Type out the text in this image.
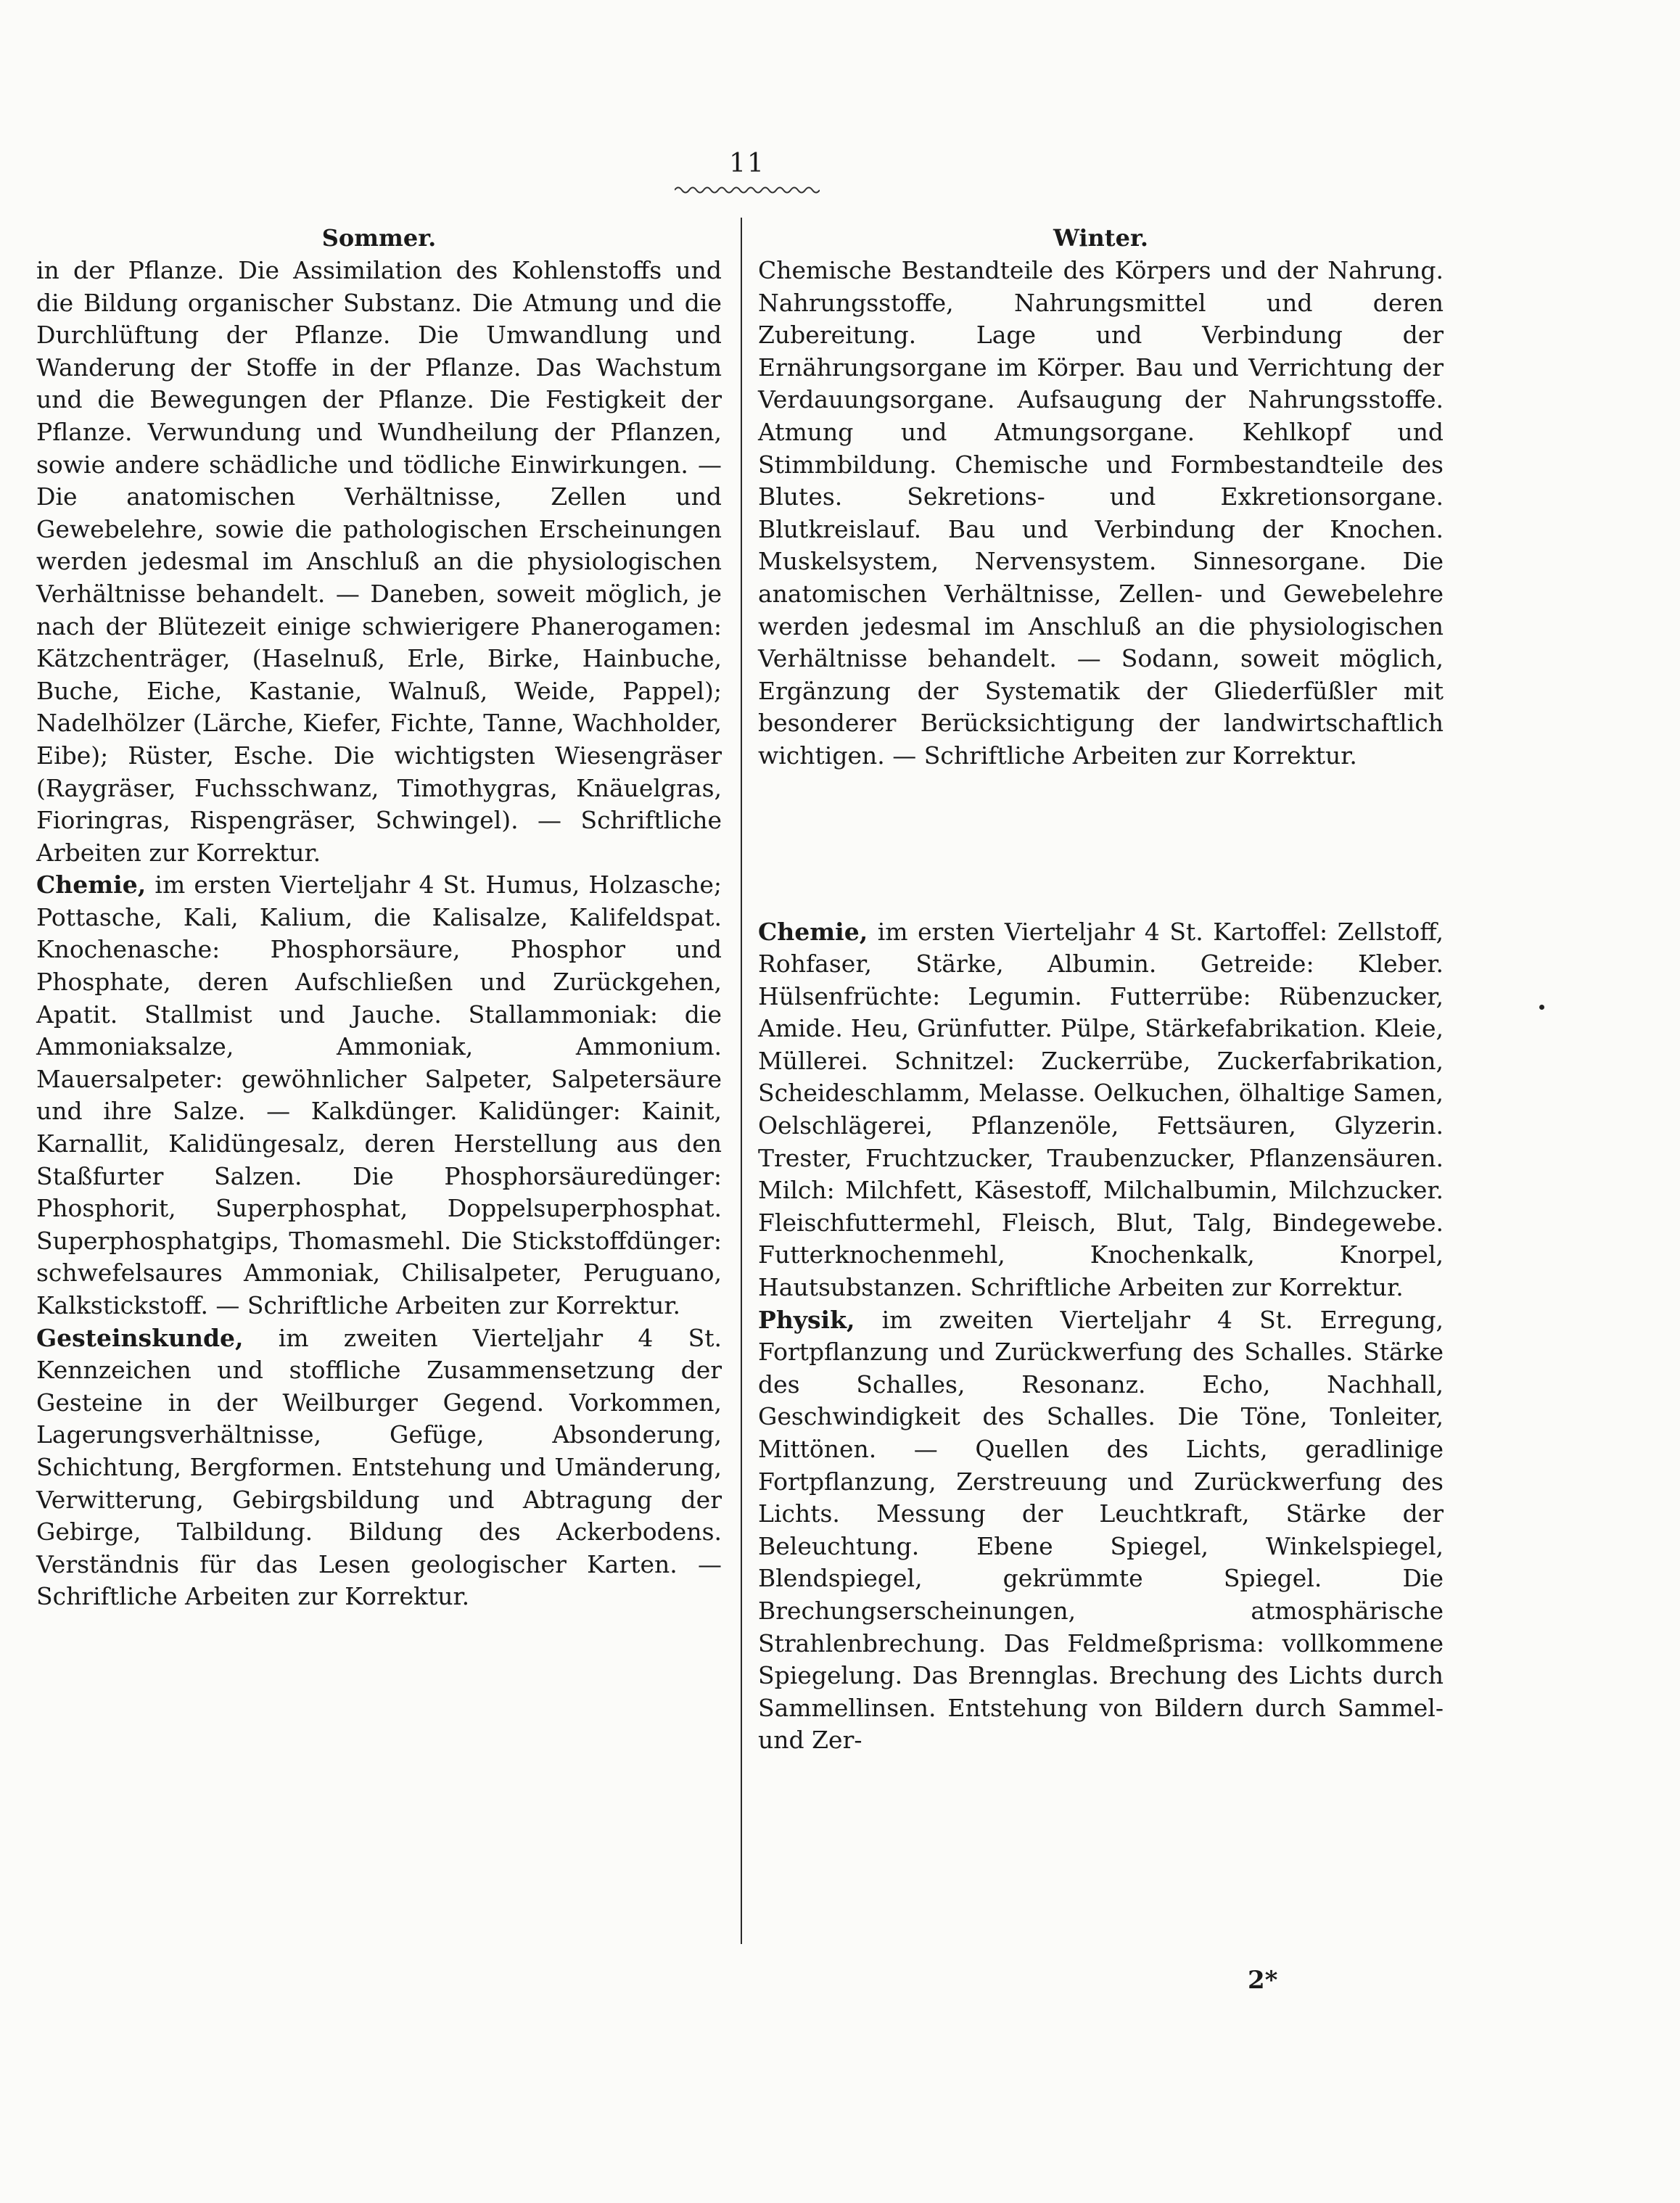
11
Sommer.

in der Pflanze. Die Assimilation des Kohlenstoffs und die Bildung organischer Substanz. Die Atmung und die Durchlüftung der Pflanze. Die Umwandlung und Wanderung der Stoffe in der Pflanze. Das Wachstum und die Bewegungen der Pflanze. Die Festigkeit der Pflanze. Verwundung und Wundheilung der Pflanzen, sowie andere schädliche und tödliche Einwirkungen. — Die anatomischen Verhältnisse, Zellen und Gewebelehre, sowie die pathologischen Erscheinungen werden jedesmal im Anschluß an die physiologischen Verhältnisse behandelt. — Daneben, soweit möglich, je nach der Blütezeit einige schwierigere Phanerogamen: Kätzchenträger, (Haselnuß, Erle, Birke, Hainbuche, Buche, Eiche, Kastanie, Walnuß, Weide, Pappel); Nadelhölzer (Lärche, Kiefer, Fichte, Tanne, Wachholder, Eibe); Rüster, Esche. Die wichtigsten Wiesengräser (Raygräser, Fuchsschwanz, Timothygras, Knäuelgras, Fioringras, Rispengräser, Schwingel). — Schriftliche Arbeiten zur Korrektur.

Chemie, im ersten Vierteljahr 4 St. Humus, Holzasche; Pottasche, Kali, Kalium, die Kalisalze, Kalifeldspat. Knochenasche: Phosphorsäure, Phosphor und Phosphate, deren Aufschließen und Zurückgehen, Apatit. Stallmist und Jauche. Stallammoniak: die Ammoniaksalze, Ammoniak, Ammonium. Mauersalpeter: gewöhnlicher Salpeter, Salpetersäure und ihre Salze. — Kalkdünger. Kalidünger: Kainit, Karnallit, Kalidüngesalz, deren Herstellung aus den Staßfurter Salzen. Die Phosphorsäuredünger: Phosphorit, Superphosphat, Doppelsuperphosphat. Superphosphatgips, Thomasmehl. Die Stickstoffdünger: schwefelsaures Ammoniak, Chilisalpeter, Peruguano, Kalkstickstoff. — Schriftliche Arbeiten zur Korrektur.

Gesteinskunde, im zweiten Vierteljahr 4 St. Kennzeichen und stoffliche Zusammensetzung der Gesteine in der Weilburger Gegend. Vorkommen, Lagerungsverhältnisse, Gefüge, Absonderung, Schichtung, Bergformen. Entstehung und Umänderung, Verwitterung, Gebirgsbildung und Abtragung der Gebirge, Talbildung. Bildung des Ackerbodens. Verständnis für das Lesen geologischer Karten. — Schriftliche Arbeiten zur Korrektur.

Winter.

Chemische Bestandteile des Körpers und der Nahrung. Nahrungsstoffe, Nahrungsmittel und deren Zubereitung. Lage und Verbindung der Ernährungsorgane im Körper. Bau und Verrichtung der Verdauungsorgane. Aufsaugung der Nahrungsstoffe. Atmung und Atmungsorgane. Kehlkopf und Stimmbildung. Chemische und Formbestandteile des Blutes. Sekretions- und Exkretionsorgane. Blutkreislauf. Bau und Verbindung der Knochen. Muskelsystem, Nervensystem. Sinnesorgane. Die anatomischen Verhältnisse, Zellen- und Gewebelehre werden jedesmal im Anschluß an die physiologischen Verhältnisse behandelt. — Sodann, soweit möglich, Ergänzung der Systematik der Gliederfüßler mit besonderer Berücksichtigung der landwirtschaftlich wichtigen. — Schriftliche Arbeiten zur Korrektur.

Chemie, im ersten Vierteljahr 4 St. Kartoffel: Zellstoff, Rohfaser, Stärke, Albumin. Getreide: Kleber. Hülsenfrüchte: Legumin. Futterrübe: Rübenzucker, Amide. Heu, Grünfutter. Pülpe, Stärkefabrikation. Kleie, Müllerei. Schnitzel: Zuckerrübe, Zuckerfabrikation, Scheideschlamm, Melasse. Oelkuchen, ölhaltige Samen, Oelschlägerei, Pflanzenöle, Fettsäuren, Glyzerin. Trester, Fruchtzucker, Traubenzucker, Pflanzensäuren. Milch: Milchfett, Käsestoff, Milchalbumin, Milchzucker. Fleischfuttermehl, Fleisch, Blut, Talg, Bindegewebe. Futterknochenmehl, Knochenkalk, Knorpel, Hautsubstanzen. Schriftliche Arbeiten zur Korrektur.

Physik, im zweiten Vierteljahr 4 St. Erregung, Fortpflanzung und Zurückwerfung des Schalles. Stärke des Schalles, Resonanz. Echo, Nachhall, Geschwindigkeit des Schalles. Die Töne, Tonleiter, Mittönen. — Quellen des Lichts, geradlinige Fortpflanzung, Zerstreuung und Zurückwerfung des Lichts. Messung der Leuchtkraft, Stärke der Beleuchtung. Ebene Spiegel, Winkelspiegel, Blendspiegel, gekrümmte Spiegel. Die Brechungserscheinungen, atmosphärische Strahlenbrechung. Das Feldmeßprisma: vollkommene Spiegelung. Das Brennglas. Brechung des Lichts durch Sammellinsen. Entstehung von Bildern durch Sammel- und Zer-

2*
